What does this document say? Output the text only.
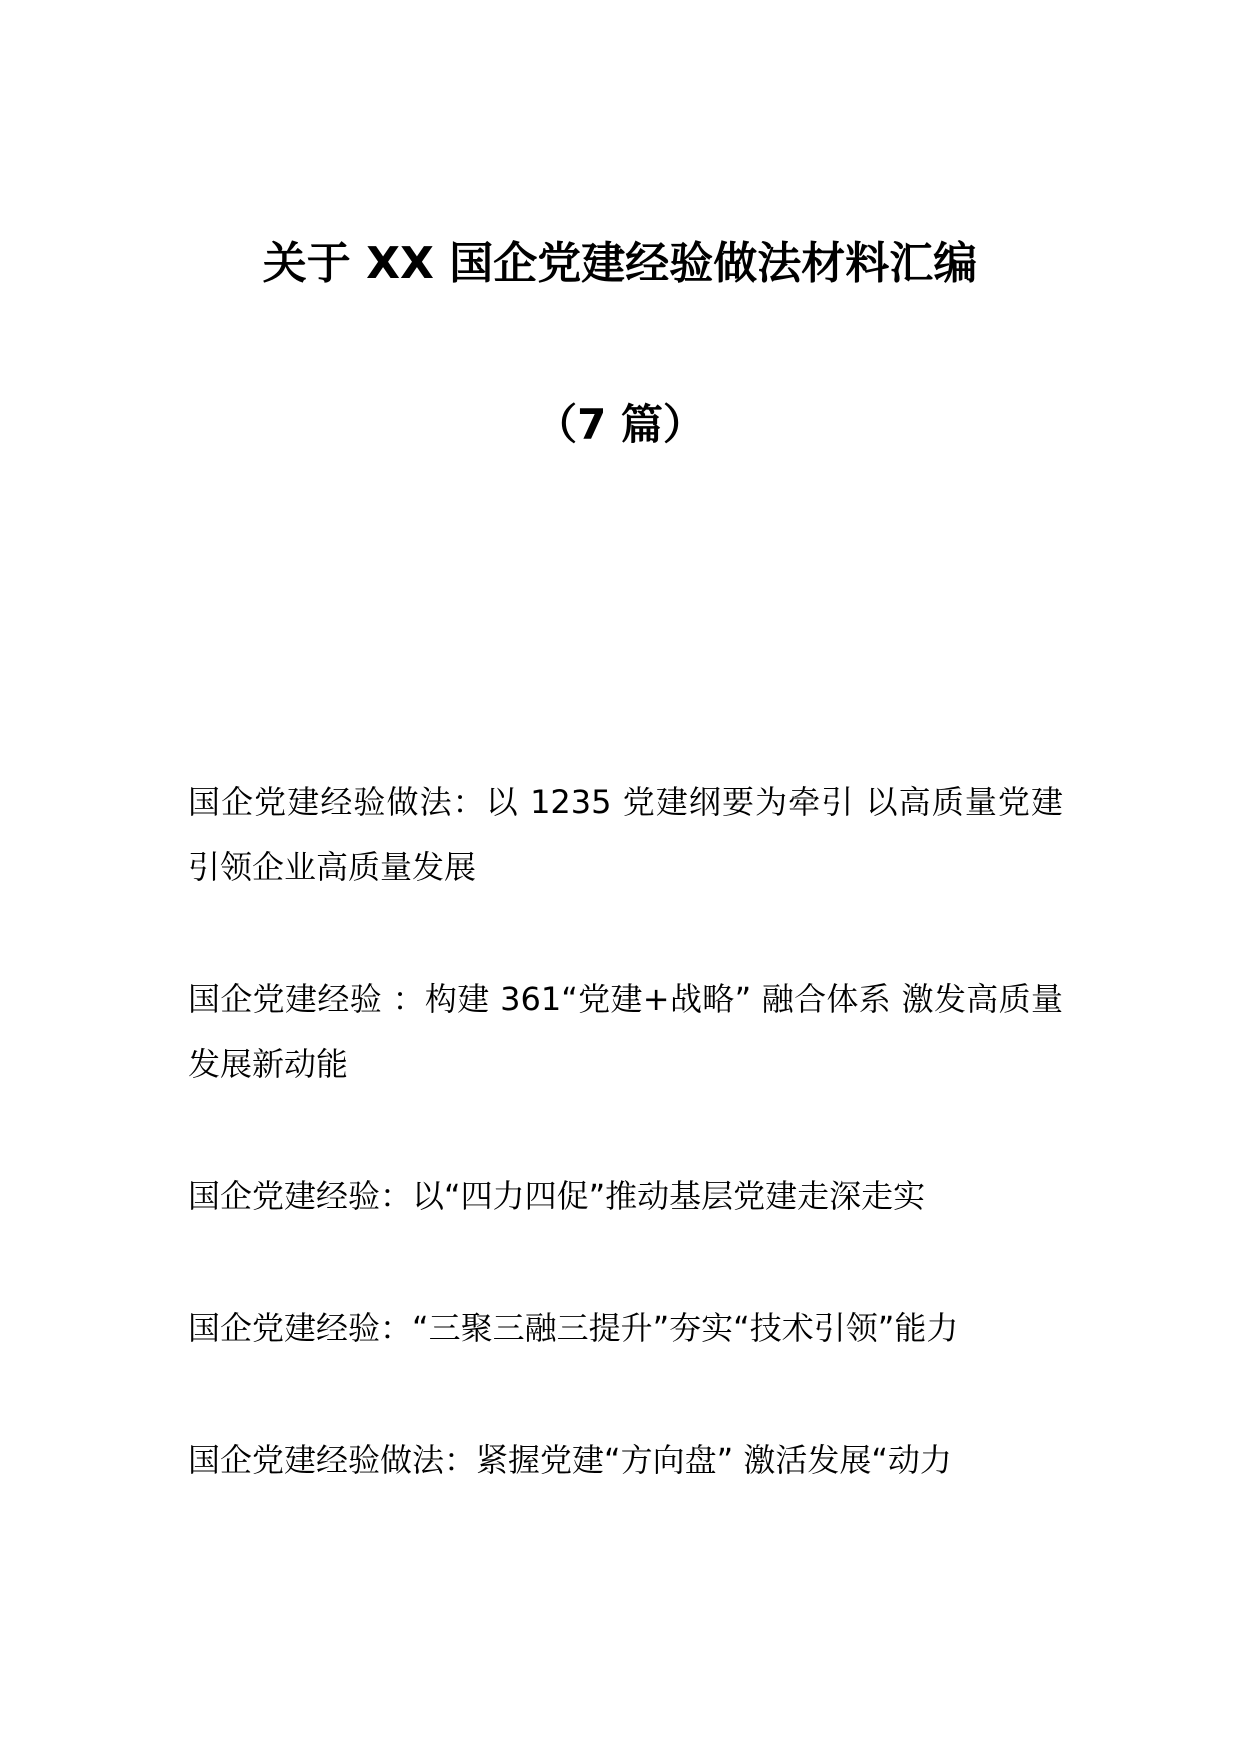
关于 XX 国企党建经验做法材料汇编
（7 篇）

国企党建经验做法：以 1235 党建纲要为牵引 以高质量党建引领企业高质量发展

国企党建经验 ：构建 361“党建+战略” 融合体系 激发高质量发展新动能

国企党建经验：以“四力四促”推动基层党建走深走实

国企党建经验：“三聚三融三提升”夯实“技术引领”能力

国企党建经验做法：紧握党建“方向盘” 激活发展“动力
